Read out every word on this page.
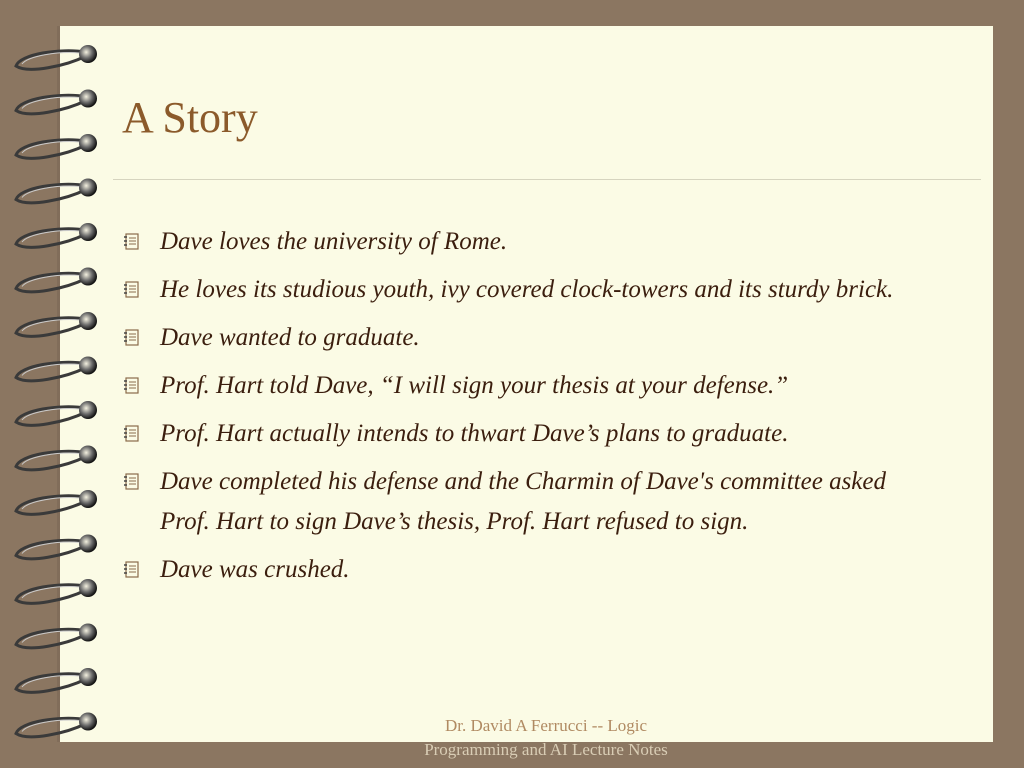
A Story
Dave loves the university of Rome.
He loves its studious youth, ivy covered clock-towers and its sturdy brick.
Dave wanted to graduate.
Prof. Hart told Dave, “I will sign your thesis at your defense.”
Prof. Hart actually intends to thwart Dave’s plans to graduate.
Dave completed his defense and the Charmin of Dave's committee asked Prof. Hart to sign Dave’s thesis, Prof. Hart refused to sign.
Dave was crushed.
Dr. David A Ferrucci -- Logic
Programming and AI Lecture Notes
